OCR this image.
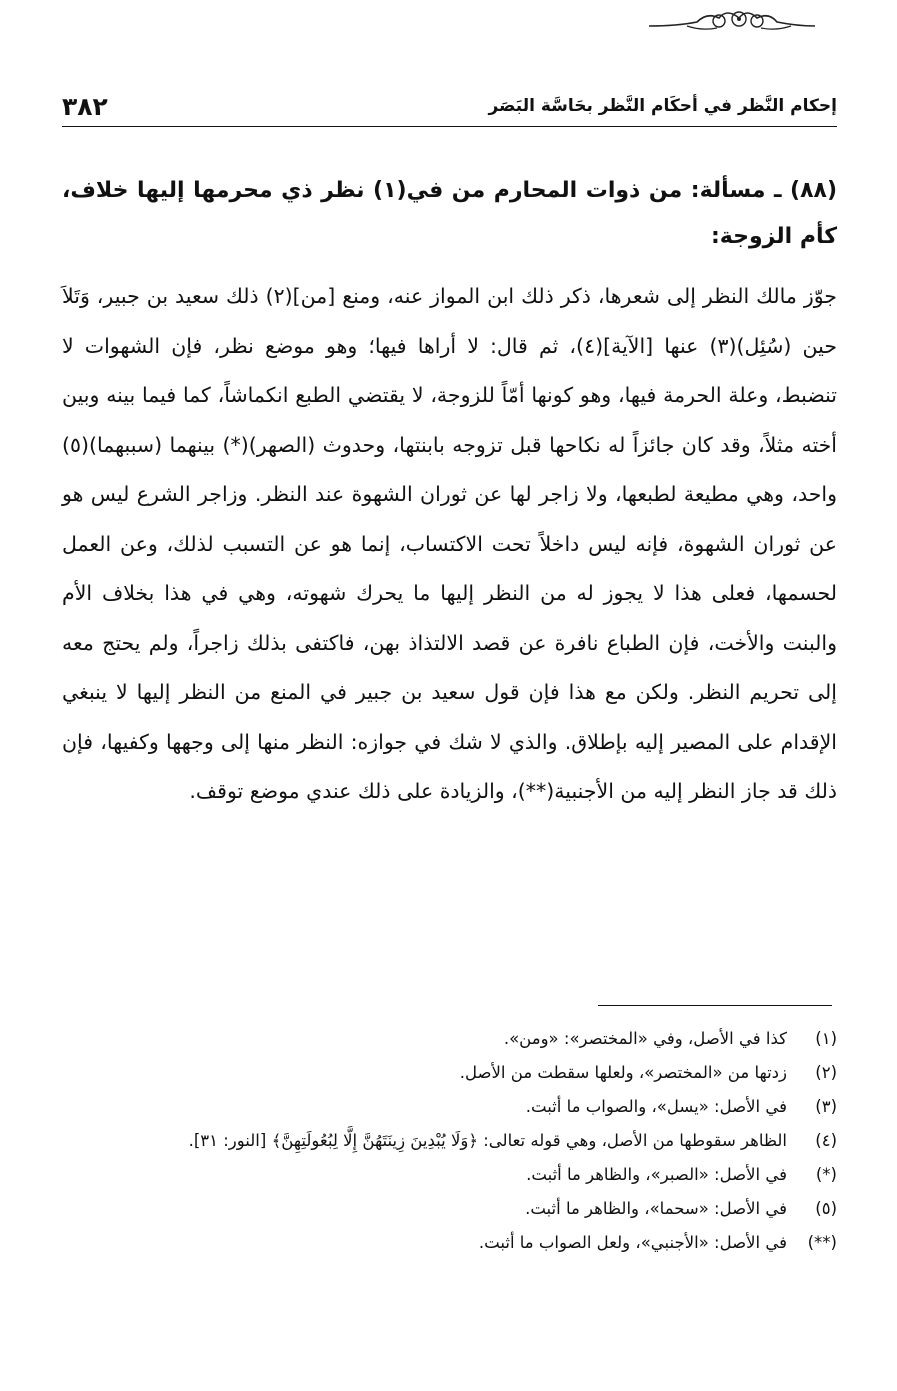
إحكام النَّظر في أحكَام النَّظر بحَاسَّة البَصَر
٣٨٢

(٨٨) ـ مسألة: من ذوات المحارم من في(١) نظر ذي محرمها إليها خلاف، كأم الزوجة:

جوّز مالك النظر إلى شعرها، ذكر ذلك ابن المواز عنه، ومنع [من](٢) ذلك سعيد بن جبير، وَتَلاَ حين (سُئِل)(٣) عنها [الآية](٤)، ثم قال: لا أراها فيها؛ وهو موضع نظر، فإن الشهوات لا تنضبط، وعلة الحرمة فيها، وهو كونها أمّاً للزوجة، لا يقتضي الطبع انكماشاً، كما فيما بينه وبين أخته مثلاً، وقد كان جائزاً له نكاحها قبل تزوجه بابنتها، وحدوث (الصهر)(*) بينهما (سببهما)(٥) واحد، وهي مطيعة لطبعها، ولا زاجر لها عن ثوران الشهوة عند النظر. وزاجر الشرع ليس هو عن ثوران الشهوة، فإنه ليس داخلاً تحت الاكتساب، إنما هو عن التسبب لذلك، وعن العمل لحسمها، فعلى هذا لا يجوز له من النظر إليها ما يحرك شهوته، وهي في هذا بخلاف الأم والبنت والأخت، فإن الطباع نافرة عن قصد الالتذاذ بهن، فاكتفى بذلك زاجراً، ولم يحتج معه إلى تحريم النظر. ولكن مع هذا فإن قول سعيد بن جبير في المنع من النظر إليها لا ينبغي الإقدام على المصير إليه بإطلاق. والذي لا شك في جوازه: النظر منها إلى وجهها وكفيها، فإن ذلك قد جاز النظر إليه من الأجنبية(**)، والزيادة على ذلك عندي موضع توقف.

(١)
كذا في الأصل، وفي «المختصر»: «ومن».
(٢)
زدتها من «المختصر»، ولعلها سقطت من الأصل.
(٣)
في الأصل: «يسل»، والصواب ما أثبت.
(٤)
الظاهر سقوطها من الأصل، وهي قوله تعالى: ﴿وَلَا يُبْدِينَ زِينَتَهُنَّ إِلَّا لِبُعُولَتِهِنَّ﴾ [النور: ٣١].
(*)
في الأصل: «الصبر»، والظاهر ما أثبت.
(٥)
في الأصل: «سحما»، والظاهر ما أثبت.
(**)
في الأصل: «الأجنبي»، ولعل الصواب ما أثبت.
